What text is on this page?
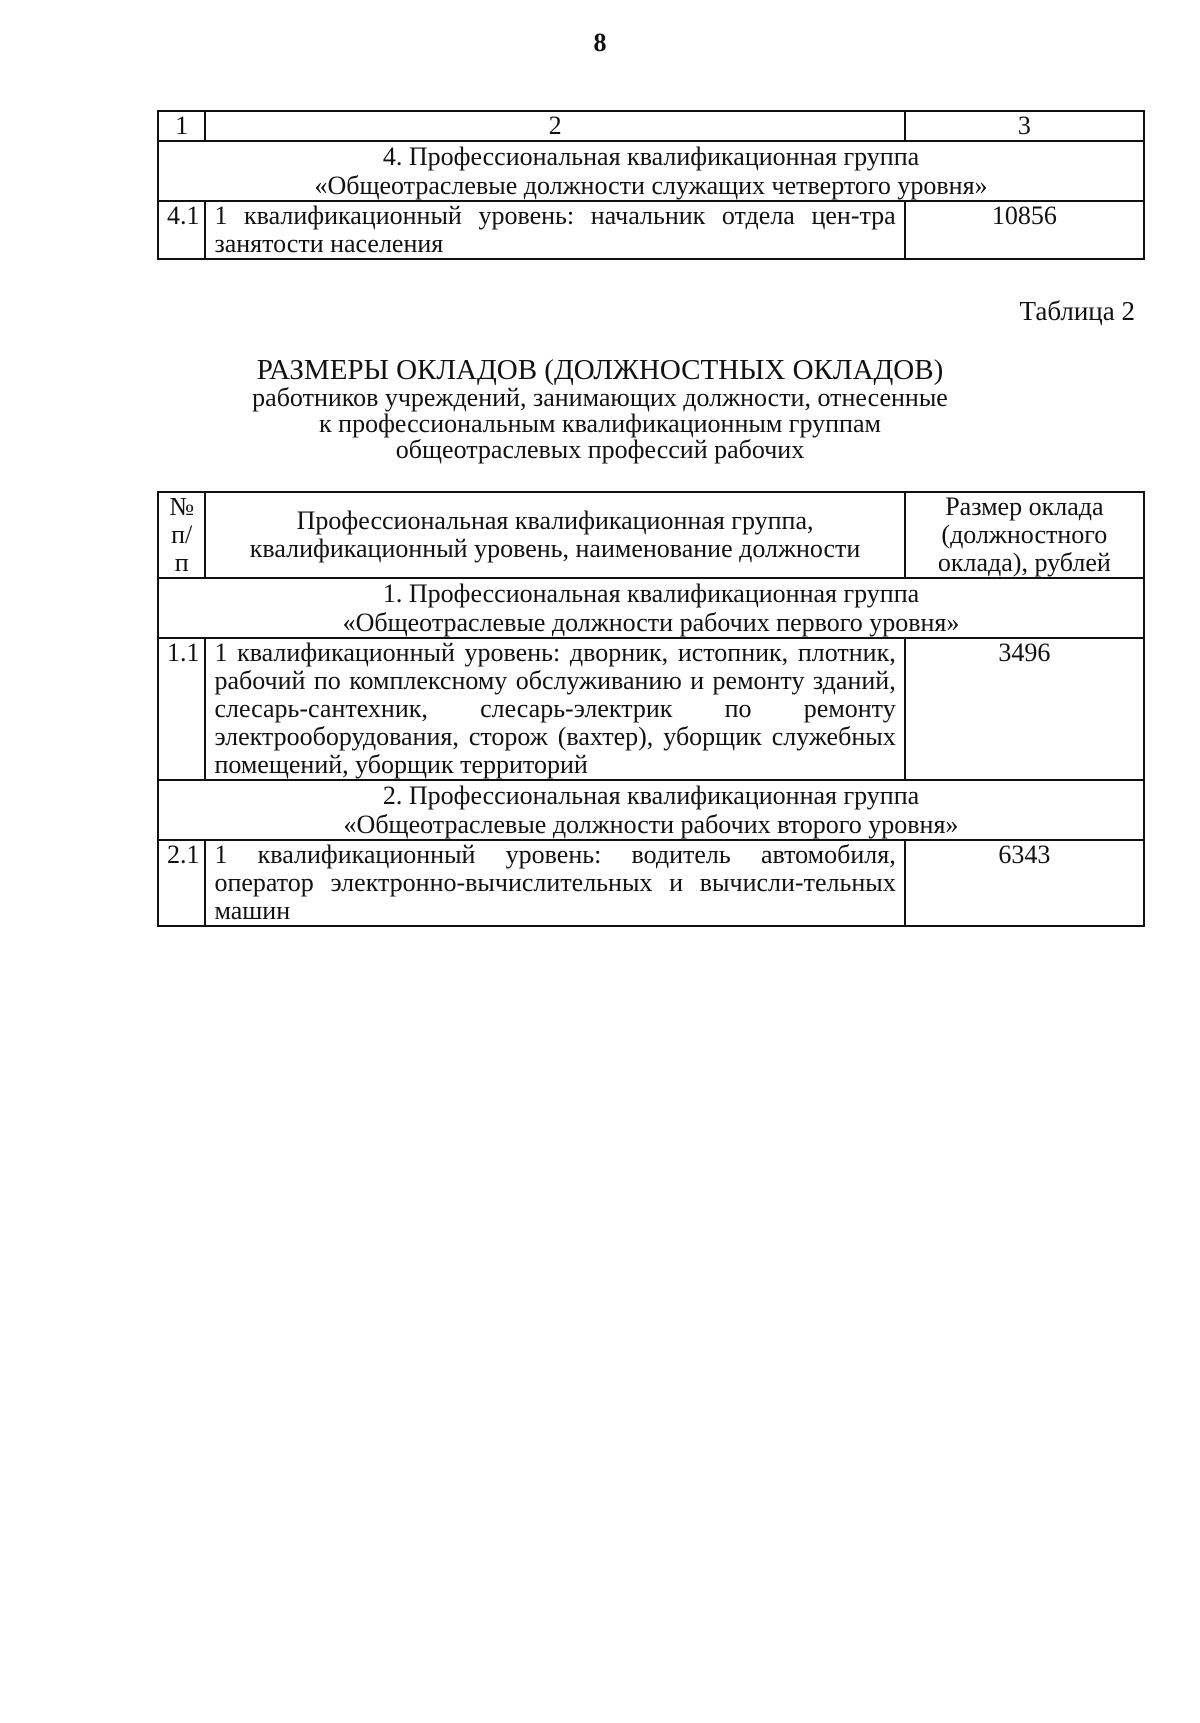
8
1	2	3

4. Профессиональная квалификационная группа
«Общеотраслевые должности служащих четвертого уровня»		

4.1	1 квалификационный уровень: начальник отдела цен-тра занятости населения	10856
Таблица 2
РАЗМЕРЫ ОКЛАДОВ (ДОЛЖНОСТНЫХ ОКЛАДОВ)
работников учреждений, занимающих должности, отнесенные
к профессиональным квалификационным группам
общеотраслевых профессий рабочих
№ п/п	Профессиональная квалификационная группа, квалификационный уровень, наименование должности	Размер оклада (должностного оклада), рублей

1. Профессиональная квалификационная группа
«Общеотраслевые должности рабочих первого уровня»		

1.1	1 квалификационный уровень: дворник, истопник, плотник, рабочий по комплексному обслуживанию и ремонту зданий, слесарь-сантехник, слесарь-электрик по ремонту электрооборудования, сторож (вахтер), уборщик служебных помещений, уборщик территорий	3496

2. Профессиональная квалификационная группа
«Общеотраслевые должности рабочих второго уровня»		

2.1	1 квалификационный уровень: водитель автомобиля, оператор электронно-вычислительных и вычисли-тельных машин	6343
